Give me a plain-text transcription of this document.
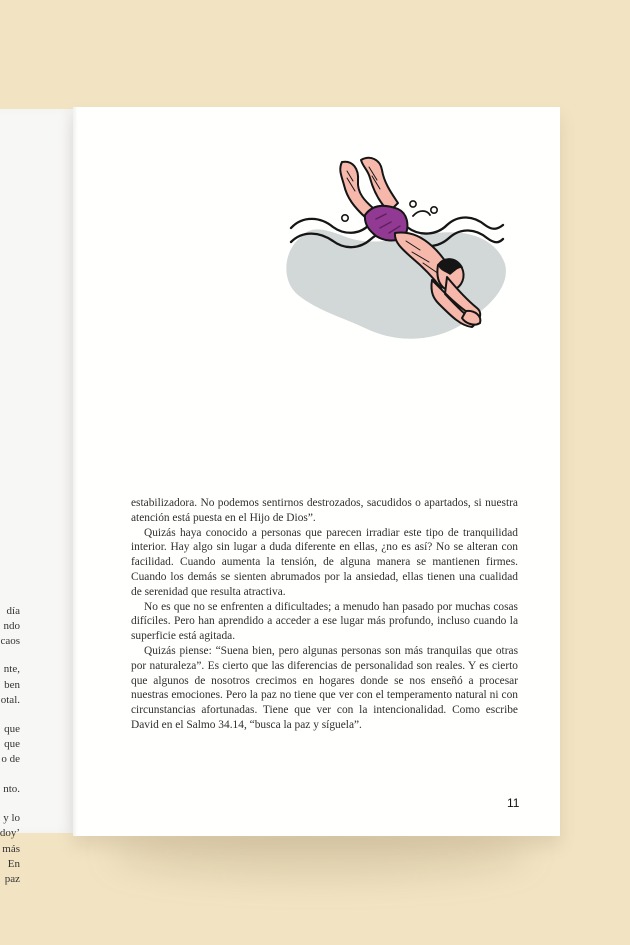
día
ndo
caos
nte,
ben
otal.
que
que
o de
nto.
y lo
doy’
más
En
paz

estabilizadora. No podemos sentirnos destrozados, sacudidos o apartados, si nuestra atención está puesta en el Hijo de Dios”.

Quizás haya conocido a personas que parecen irradiar este tipo de tranquilidad interior. Hay algo sin lugar a duda diferente en ellas, ¿no es así? No se alteran con facilidad. Cuando aumenta la tensión, de alguna manera se mantienen firmes. Cuando los demás se sienten abrumados por la ansiedad, ellas tienen una cualidad de serenidad que resulta atractiva.

No es que no se enfrenten a dificultades; a menudo han pasado por muchas cosas difíciles. Pero han aprendido a acceder a ese lugar más profundo, incluso cuando la superficie está agitada.

Quizás piense: “Suena bien, pero algunas personas son más tranquilas que otras por naturaleza”. Es cierto que las diferencias de personalidad son reales. Y es cierto que algunos de nosotros crecimos en hogares donde se nos enseñó a procesar nuestras emociones. Pero la paz no tiene que ver con el temperamento natural ni con circunstancias afortunadas. Tiene que ver con la intencionalidad. Como escribe David en el Salmo 34.14, “busca la paz y síguela”.

11
